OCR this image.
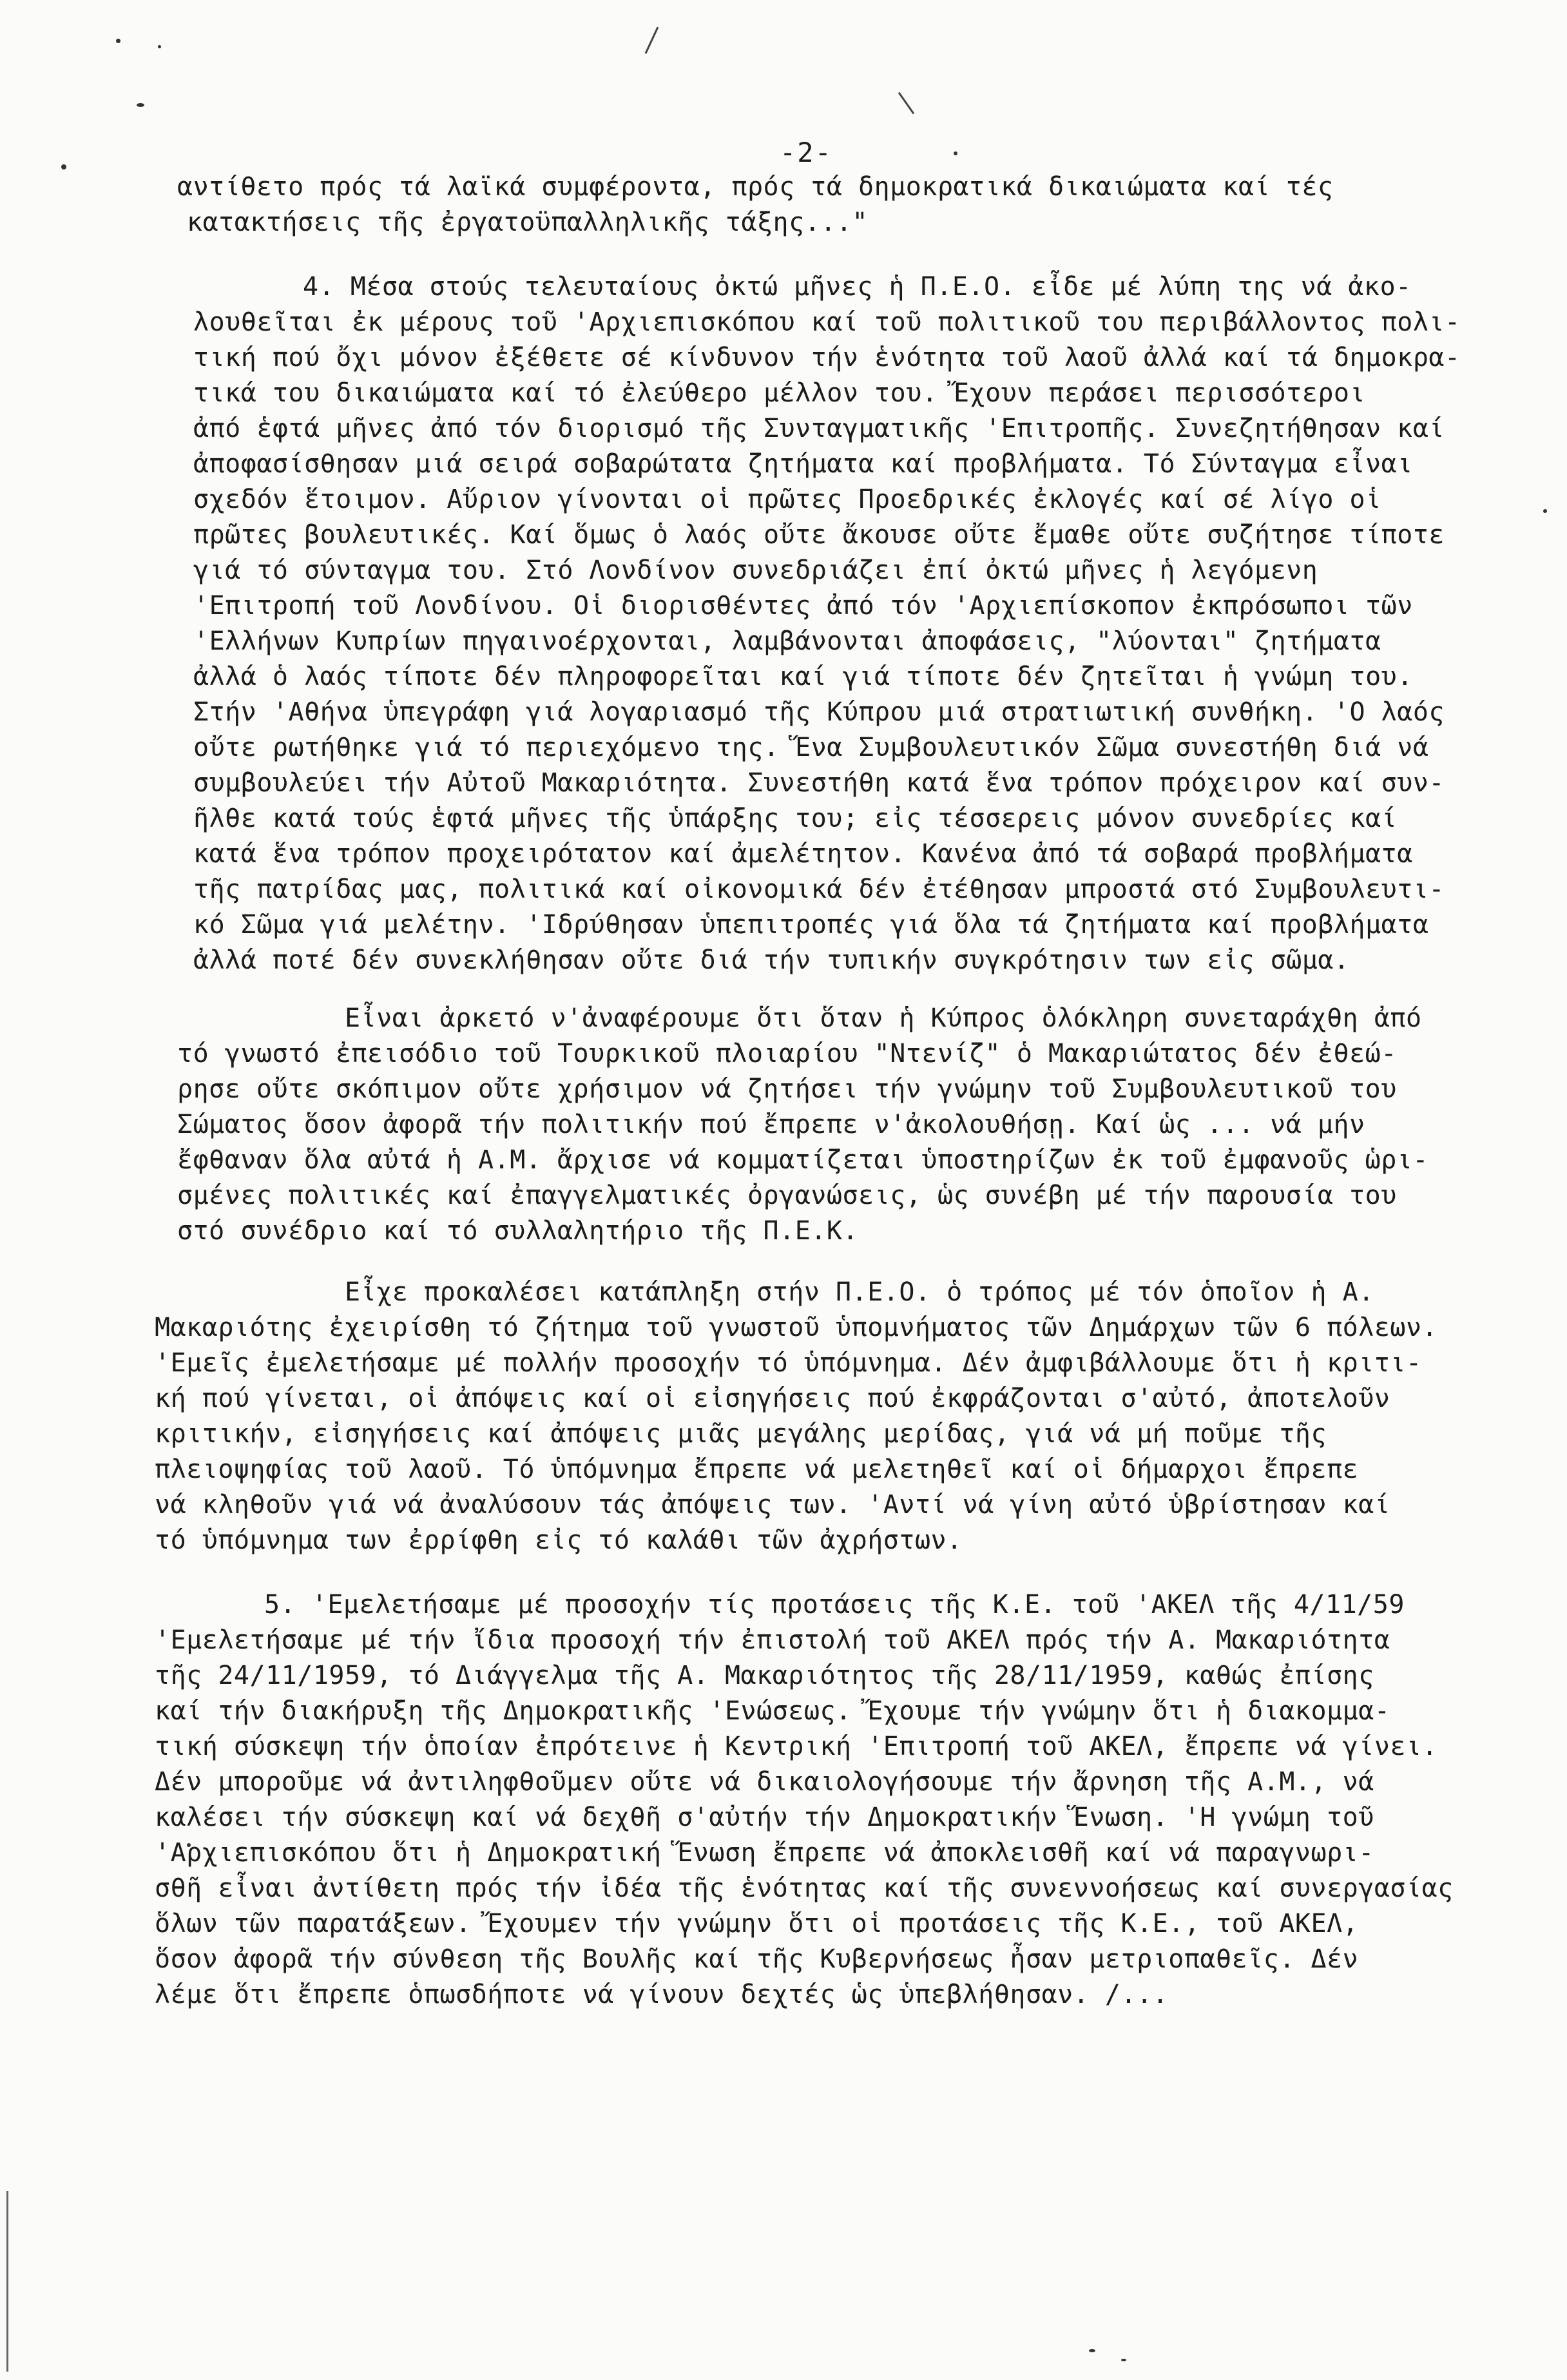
-2-
αντίθετο πρός τά λαϊκά συμφέροντα, πρός τά δημοκρατικά δικαιώματα καί τές
κατακτήσεις τῆς ἐργατοϋπαλληλικῆς τάξης..."
4. Μέσα στούς τελευταίους ὀκτώ μῆνες ἡ Π.Ε.Ο. εἶδε μέ λύπη της νά ἀκο-
λουθεῖται ἐκ μέρους τοῦ 'Αρχιεπισκόπου καί τοῦ πολιτικοῦ του περιβάλλοντος πολι-
τική πού ὄχι μόνον ἐξέθετε σέ κίνδυνον τήν ἑνότητα τοῦ λαοῦ ἀλλά καί τά δημοκρα-
τικά του δικαιώματα καί τό ἐλεύθερο μέλλον του. Ἔχουν περάσει περισσότεροι
ἀπό ἑφτά μῆνες ἀπό τόν διορισμό τῆς Συνταγματικῆς 'Επιτροπῆς. Συνεζητήθησαν καί
ἀποφασίσθησαν μιά σειρά σοβαρώτατα ζητήματα καί προβλήματα. Τό Σύνταγμα εἶναι
σχεδόν ἕτοιμον. Αὔριον γίνονται οἱ πρῶτες Προεδρικές ἐκλογές καί σέ λίγο οἱ
πρῶτες βουλευτικές. Καί ὅμως ὁ λαός οὔτε ἄκουσε οὔτε ἔμαθε οὔτε συζήτησε τίποτε
γιά τό σύνταγμα του. Στό Λονδίνον συνεδριάζει ἐπί ὀκτώ μῆνες ἡ λεγόμενη
'Επιτροπή τοῦ Λονδίνου. Οἱ διορισθέντες ἀπό τόν 'Αρχιεπίσκοπον ἐκπρόσωποι τῶν
'Ελλήνων Κυπρίων πηγαινοέρχονται, λαμβάνονται ἀποφάσεις, "λύονται" ζητήματα
ἀλλά ὁ λαός τίποτε δέν πληροφορεῖται καί γιά τίποτε δέν ζητεῖται ἡ γνώμη του.
Στήν 'Αθήνα ὑπεγράφη γιά λογαριασμό τῆς Κύπρου μιά στρατιωτική συνθήκη. 'Ο λαός
οὔτε ρωτήθηκε γιά τό περιεχόμενο της. Ἕνα Συμβουλευτικόν Σῶμα συνεστήθη διά νά
συμβουλεύει τήν Αὐτοῦ Μακαριότητα. Συνεστήθη κατά ἕνα τρόπον πρόχειρον καί συν-
ῆλθε κατά τούς ἑφτά μῆνες τῆς ὑπάρξης του; εἰς τέσσερεις μόνον συνεδρίες καί
κατά ἕνα τρόπον προχειρότατον καί ἀμελέτητον. Κανένα ἀπό τά σοβαρά προβλήματα
τῆς πατρίδας μας, πολιτικά καί οἰκονομικά δέν ἐτέθησαν μπροστά στό Συμβουλευτι-
κό Σῶμα γιά μελέτην. 'Ιδρύθησαν ὑπεπιτροπές γιά ὅλα τά ζητήματα καί προβλήματα
ἀλλά ποτέ δέν συνεκλήθησαν οὔτε διά τήν τυπικήν συγκρότησιν των εἰς σῶμα.
Εἶναι ἀρκετό ν'ἀναφέρουμε ὅτι ὅταν ἡ Κύπρος ὁλόκληρη συνεταράχθη ἀπό
τό γνωστό ἐπεισόδιο τοῦ Τουρκικοῦ πλοιαρίου "Ντενίζ" ὁ Μακαριώτατος δέν ἐθεώ-
ρησε οὔτε σκόπιμον οὔτε χρήσιμον νά ζητήσει τήν γνώμην τοῦ Συμβουλευτικοῦ του
Σώματος ὅσον ἀφορᾶ τήν πολιτικήν πού ἔπρεπε ν'ἀκολουθήσῃ. Καί ὡς ... νά μήν
ἔφθαναν ὅλα αὐτά ἡ Α.Μ. ἄρχισε νά κομματίζεται ὑποστηρίζων ἐκ τοῦ ἐμφανοῦς ὡρι-
σμένες πολιτικές καί ἐπαγγελματικές ὀργανώσεις, ὡς συνέβη μέ τήν παρουσία του
στό συνέδριο καί τό συλλαλητήριο τῆς Π.Ε.Κ.
Εἶχε προκαλέσει κατάπληξη στήν Π.Ε.Ο. ὁ τρόπος μέ τόν ὁποῖον ἡ Α.
Μακαριότης ἐχειρίσθη τό ζήτημα τοῦ γνωστοῦ ὑπομνήματος τῶν Δημάρχων τῶν 6 πόλεων.
'Εμεῖς ἐμελετήσαμε μέ πολλήν προσοχήν τό ὑπόμνημα. Δέν ἀμφιβάλλουμε ὅτι ἡ κριτι-
κή πού γίνεται, οἱ ἀπόψεις καί οἱ εἰσηγήσεις πού ἐκφράζονται σ'αὐτό, ἀποτελοῦν
κριτικήν, εἰσηγήσεις καί ἀπόψεις μιᾶς μεγάλης μερίδας, γιά νά μή ποῦμε τῆς
πλειοψηφίας τοῦ λαοῦ. Τό ὑπόμνημα ἔπρεπε νά μελετηθεῖ καί οἱ δήμαρχοι ἔπρεπε
νά κληθοῦν γιά νά ἀναλύσουν τάς ἀπόψεις των. 'Αντί νά γίνη αὐτό ὑβρίστησαν καί
τό ὑπόμνημα των ἐρρίφθη εἰς τό καλάθι τῶν ἀχρήστων.
5. 'Εμελετήσαμε μέ προσοχήν τίς προτάσεις τῆς Κ.Ε. τοῦ 'ΑΚΕΛ τῆς 4/11/59
'Εμελετήσαμε μέ τήν ἴδια προσοχή τήν ἐπιστολή τοῦ ΑΚΕΛ πρός τήν Α. Μακαριότητα
τῆς 24/11/1959, τό Διάγγελμα τῆς Α. Μακαριότητος τῆς 28/11/1959, καθώς ἐπίσης
καί τήν διακήρυξη τῆς Δημοκρατικῆς 'Ενώσεως. Ἔχουμε τήν γνώμην ὅτι ἡ διακομμα-
τική σύσκεψη τήν ὁποίαν ἐπρότεινε ἡ Κεντρική 'Επιτροπή τοῦ ΑΚΕΛ, ἔπρεπε νά γίνει.
Δέν μποροῦμε νά ἀντιληφθοῦμεν οὔτε νά δικαιολογήσουμε τήν ἄρνηση τῆς Α.Μ., νά
καλέσει τήν σύσκεψη καί νά δεχθῆ σ'αὐτήν τήν Δημοκρατικήν Ἕνωση. 'Η γνώμη τοῦ
'Αρχιεπισκόπου ὅτι ἡ Δημοκρατική Ἕνωση ἔπρεπε νά ἀποκλεισθῆ καί νά παραγνωρι-
σθῆ εἶναι ἀντίθετη πρός τήν ἰδέα τῆς ἑνότητας καί τῆς συνεννοήσεως καί συνεργασίας
ὅλων τῶν παρατάξεων. Ἔχουμεν τήν γνώμην ὅτι οἱ προτάσεις τῆς Κ.Ε., τοῦ ΑΚΕΛ,
ὅσον ἀφορᾶ τήν σύνθεση τῆς Βουλῆς καί τῆς Κυβερνήσεως ἦσαν μετριοπαθεῖς. Δέν
λέμε ὅτι ἔπρεπε ὁπωσδήποτε νά γίνουν δεχτές ὡς ὑπεβλήθησαν. /...
